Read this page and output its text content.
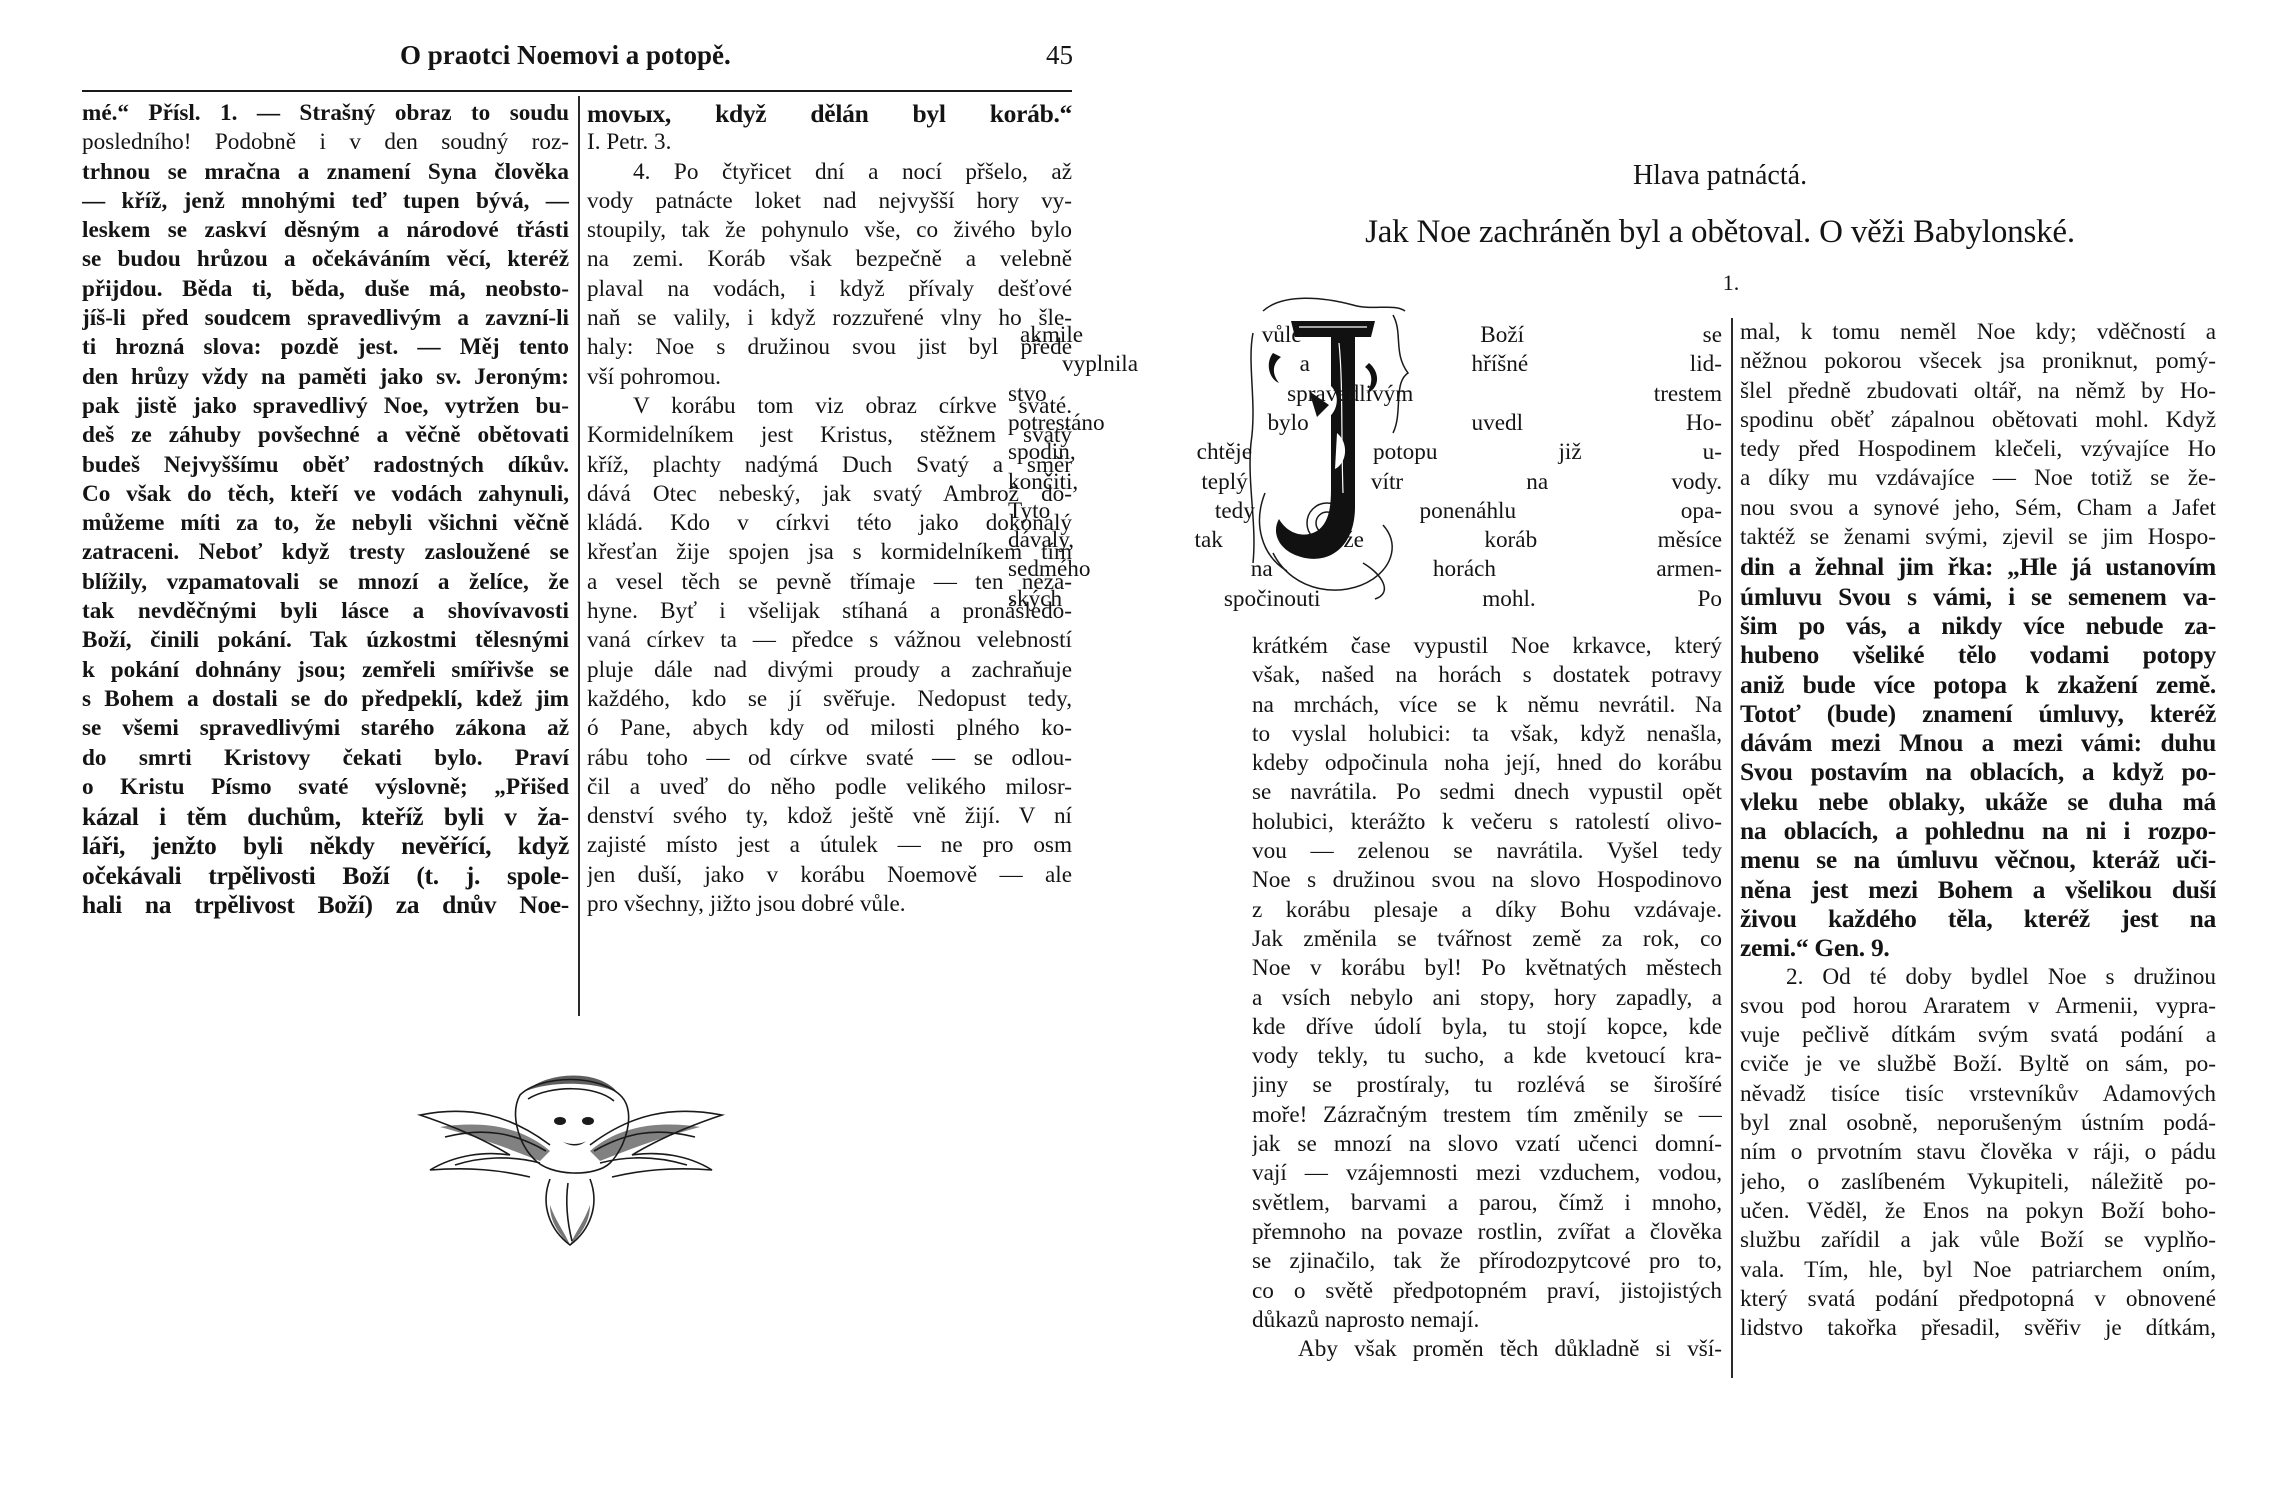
O praotci Noemovi a potopě.	45
mé.“ Přísl. 1. — Strašný obraz to soudu
posledního! Podobně i v den soudný roz-
trhnou se mračna a znamení Syna člověka
— kříž, jenž mnohými teď tupen bývá, —
leskem se zaskví děsným a národové třásti
se budou hrůzou a očekáváním věcí, kteréž
přijdou. Běda ti, běda, duše má, neobsto-
jíš-li před soudcem spravedlivým a zavzní-li
ti hrozná slova: pozdě jest. — Měj tento
den hrůzy vždy na paměti jako sv. Jeroným:
pak jistě jako spravedlivý Noe, vytržen bu-
deš ze záhuby povšechné a věčně obětovati
budeš Nejvyššímu oběť radostných díkův.
Co však do těch, kteří ve vodách zahynuli,
můžeme míti za to, že nebyli všichni věčně
zatraceni. Neboť když tresty zasloužené se
blížily, vzpamatovali se mnozí a želíce, že
tak nevděčnými byli lásce a shovívavosti
Boží, činili pokání. Tak úzkostmi tělesnými
k pokání dohnány jsou; zemřeli smířivše se
s Bohem a dostali se do předpeklí, kdež jim
se všemi spravedlivými starého zákona až
do smrti Kristovy čekati bylo. Praví
o Kristu Písmo svaté výslovně; „Přišed
kázal i těm duchům, kteříž byli v ža-
láři, jenžto byli někdy nevěřící, když
očekávali trpělivosti Boží (t. j. spole-
hali na trpělivost Boží) za dnův Noe-
movых, když dělán byl koráb.“
I. Petr. 3.
4. Po čtyřicet dní a nocí přšelo, až
vody patnácte loket nad nejvyšší hory vy-
stoupily, tak že pohynulo vše, co živého bylo
na zemi. Koráb však bezpečně a velebně
plaval na vodách, i když přívaly dešťové
naň se valily, i když rozzuřené vlny ho šle-
haly: Noe s družinou svou jist byl přede
vší pohromou.
V korábu tom viz obraz církve svaté.
Kormidelníkem jest Kristus, stěžnem svatý
kříž, plachty nadýmá Duch Svatý a směr
dává Otec nebeský, jak svatý Ambrož do-
kládá. Kdo v církvi této jako dokonalý
křesťan žije spojen jsa s kormidelníkem tím
a vesel těch se pevně třímaje — ten neza-
hyne. Byť i všelijak stíhaná a pronásledo-
vaná církev ta — předce s vážnou velebností
pluje dále nad divými proudy a zachraňuje
každého, kdo se jí svěřuje. Nedopust tedy,
ó Pane, abych kdy od milosti plného ko-
rábu toho — od církve svaté — se odlou-
čil a uveď do něho podle velikého milosr-
denství svého ty, kdož ještě vně žijí. V ní
zajisté místo jest a útulek — ne pro osm
jen duší, jako v korábu Noemově — ale
pro všechny, jižto jsou dobré vůle.
Hlava patnáctá.
Jak Noe zachráněn byl a obětoval. O věži Babylonské.
1.
akmile vůle Boží se
vyplnila a hříšné lid-
stvo spravedlivým trestem
potrestáno bylo uvedl Ho-
spodin, chtěje potopu již u-
končiti, teplý vítr na vody.
Tyto tedy ponenáhlu opa-
dávaly, tak že koráb měsíce
sedmého na horách armen-
ských spočinouti mohl. Po
krátkém čase vypustil Noe krkavce, který
však, našed na horách s dostatek potravy
na mrchách, více se k němu nevrátil. Na
to vyslal holubici: ta však, když nenašla,
kdeby odpočinula noha její, hned do korábu
se navrátila. Po sedmi dnech vypustil opět
holubici, kterážto k večeru s ratolestí olivo-
vou — zelenou se navrátila. Vyšel tedy
Noe s družinou svou na slovo Hospodinovo
z korábu plesaje a díky Bohu vzdávaje.
Jak změnila se tvářnost země za rok, co
Noe v korábu byl! Po květnatých městech
a vsích nebylo ani stopy, hory zapadly, a
kde dříve údolí byla, tu stojí kopce, kde
vody tekly, tu sucho, a kde kvetoucí kra-
jiny se prostíraly, tu rozlévá se širošíré
moře! Zázračným trestem tím změnily se —
jak se mnozí na slovo vzatí učenci domní-
vají — vzájemnosti mezi vzduchem, vodou,
světlem, barvami a parou, čímž i mnoho,
přemnoho na povaze rostlin, zvířat a člověka
se zjinačilo, tak že přírodozpytcové pro to,
co o světě předpotopném praví, jistojistých
důkazů naprosto nemají.
Aby však proměn těch důkladně si vší-
mal, k tomu neměl Noe kdy; vděčností a
něžnou pokorou všecek jsa proniknut, pomý-
šlel předně zbudovati oltář, na němž by Ho-
spodinu oběť zápalnou obětovati mohl. Když
tedy před Hospodinem klečeli, vzývajíce Ho
a díky mu vzdávajíce — Noe totiž se že-
nou svou a synové jeho, Sém, Cham a Jafet
taktéž se ženami svými, zjevil se jim Hospo-
din a žehnal jim řka: „Hle já ustanovím
úmluvu Svou s vámi, i se semenem va-
šim po vás, a nikdy více nebude za-
hubeno všeliké tělo vodami potopy
aniž bude více potopa k zkažení země.
Totoť (bude) znamení úmluvy, kteréž
dávám mezi Mnou a mezi vámi: duhu
Svou postavím na oblacích, a když po-
vleku nebe oblaky, ukáže se duha má
na oblacích, a pohlednu na ni i rozpo-
menu se na úmluvu věčnou, kteráž uči-
něna jest mezi Bohem a všelikou duší
živou každého těla, kteréž jest na
zemi.“ Gen. 9.
2. Od té doby bydlel Noe s družinou
svou pod horou Araratem v Armenii, vypra-
vuje pečlivě dítkám svým svatá podání a
cvičе je ve službě Boží. Byltě on sám, po-
něvadž tisíce tisíc vrstevníkův Adamových
byl znal osobně, neporušeným ústním podá-
ním o prvotním stavu člověka v ráji, o pádu
jeho, o zaslíbeném Vykupiteli, náležitě po-
učen. Věděl, že Enos na pokyn Boží boho-
službu zařídil a jak vůle Boží se vyplňo-
vala. Tím, hle, byl Noe patriarchem oním,
který svatá podání předpotopná v obnovené
lidstvo takořka přesadil, svěřiv je dítkám,
